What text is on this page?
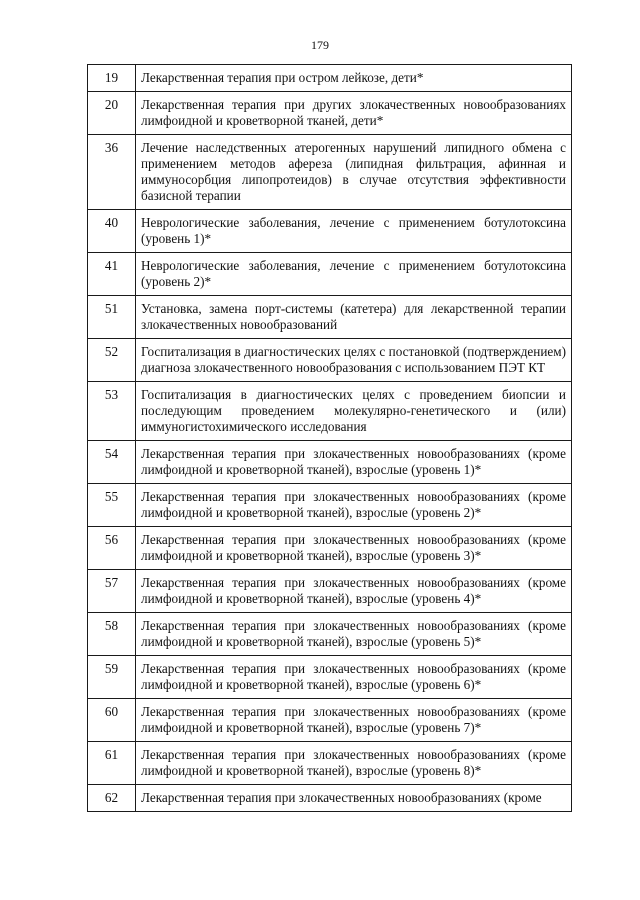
179
19	Лекарственная терапия при остром лейкозе, дети*
20	Лекарственная терапия при других злокачественных новообразованиях лимфоидной и кроветворной тканей, дети*
36	Лечение наследственных атерогенных нарушений липидного обмена с применением методов афереза (липидная фильтрация, афинная и иммуносорбция липопротеидов) в случае отсутствия эффективности базисной терапии
40	Неврологические заболевания, лечение с применением ботулотоксина (уровень 1)*
41	Неврологические заболевания, лечение с применением ботулотоксина (уровень 2)*
51	Установка, замена порт-системы (катетера) для лекарственной терапии злокачественных новообразований
52	Госпитализация в диагностических целях с постановкой (подтверждением) диагноза злокачественного новообразования с использованием ПЭТ КТ
53	Госпитализация в диагностических целях с проведением биопсии и последующим проведением молекулярно-генетического и (или) иммуногистохимического исследования
54	Лекарственная терапия при злокачественных новообразованиях (кроме лимфоидной и кроветворной тканей), взрослые (уровень 1)*
55	Лекарственная терапия при злокачественных новообразованиях (кроме лимфоидной и кроветворной тканей), взрослые (уровень 2)*
56	Лекарственная терапия при злокачественных новообразованиях (кроме лимфоидной и кроветворной тканей), взрослые (уровень 3)*
57	Лекарственная терапия при злокачественных новообразованиях (кроме лимфоидной и кроветворной тканей), взрослые (уровень 4)*
58	Лекарственная терапия при злокачественных новообразованиях (кроме лимфоидной и кроветворной тканей), взрослые (уровень 5)*
59	Лекарственная терапия при злокачественных новообразованиях (кроме лимфоидной и кроветворной тканей), взрослые (уровень 6)*
60	Лекарственная терапия при злокачественных новообразованиях (кроме лимфоидной и кроветворной тканей), взрослые (уровень 7)*
61	Лекарственная терапия при злокачественных новообразованиях (кроме лимфоидной и кроветворной тканей), взрослые (уровень 8)*
62	Лекарственная терапия при злокачественных новообразованиях (кроме
